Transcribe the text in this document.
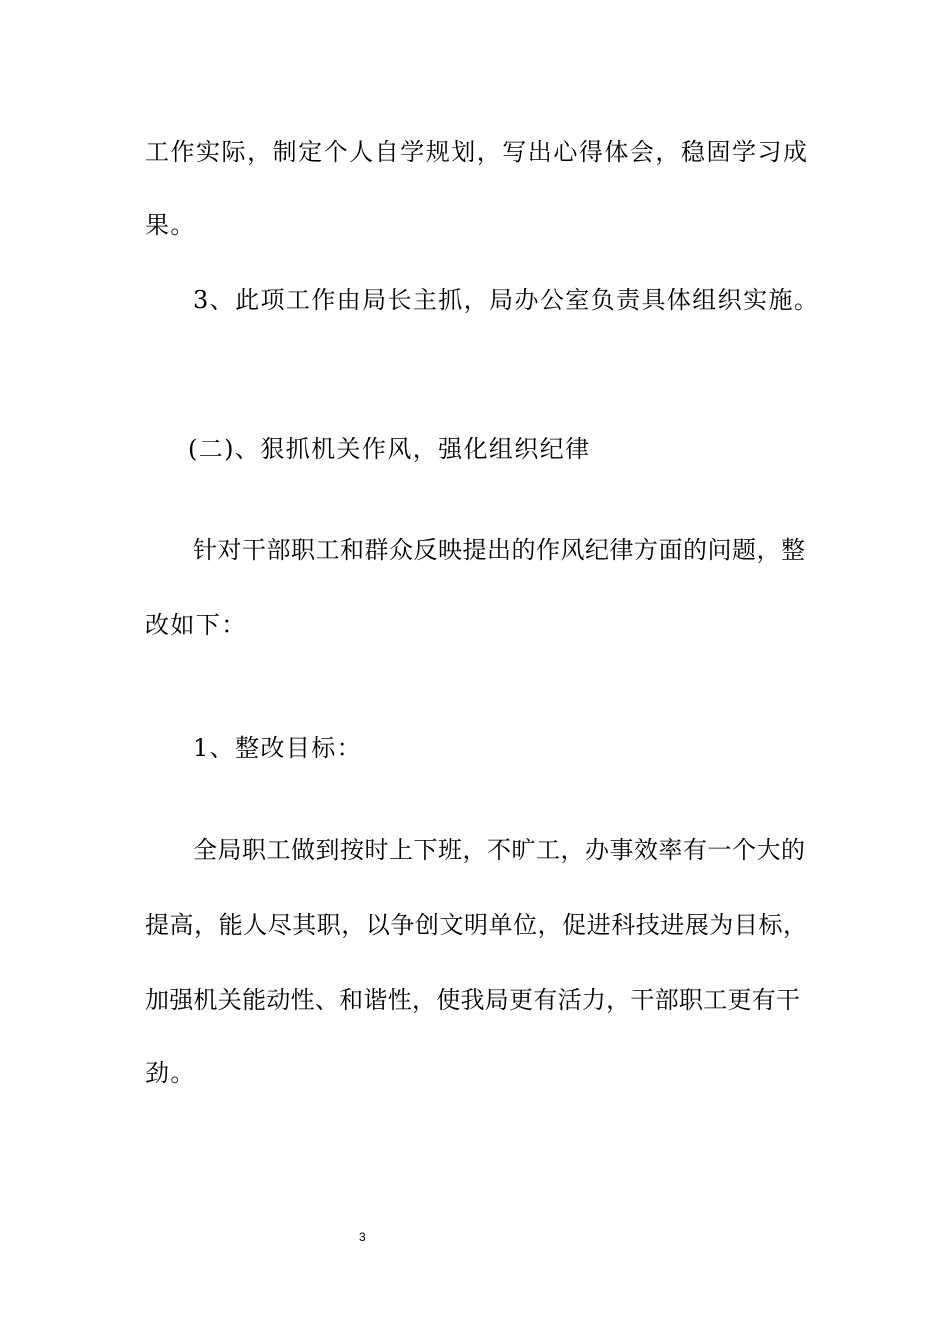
工作实际，制定个人自学规划，写出心得体会，稳固学习成
果。
3、此项工作由局长主抓，局办公室负责具体组织实施。
(二)、狠抓机关作风，强化组织纪律
针对干部职工和群众反映提出的作风纪律方面的问题，整
改如下：
1、整改目标：
全局职工做到按时上下班，不旷工，办事效率有一个大的
提高，能人尽其职，以争创文明单位，促进科技进展为目标，
加强机关能动性、和谐性，使我局更有活力，干部职工更有干
劲。
3
